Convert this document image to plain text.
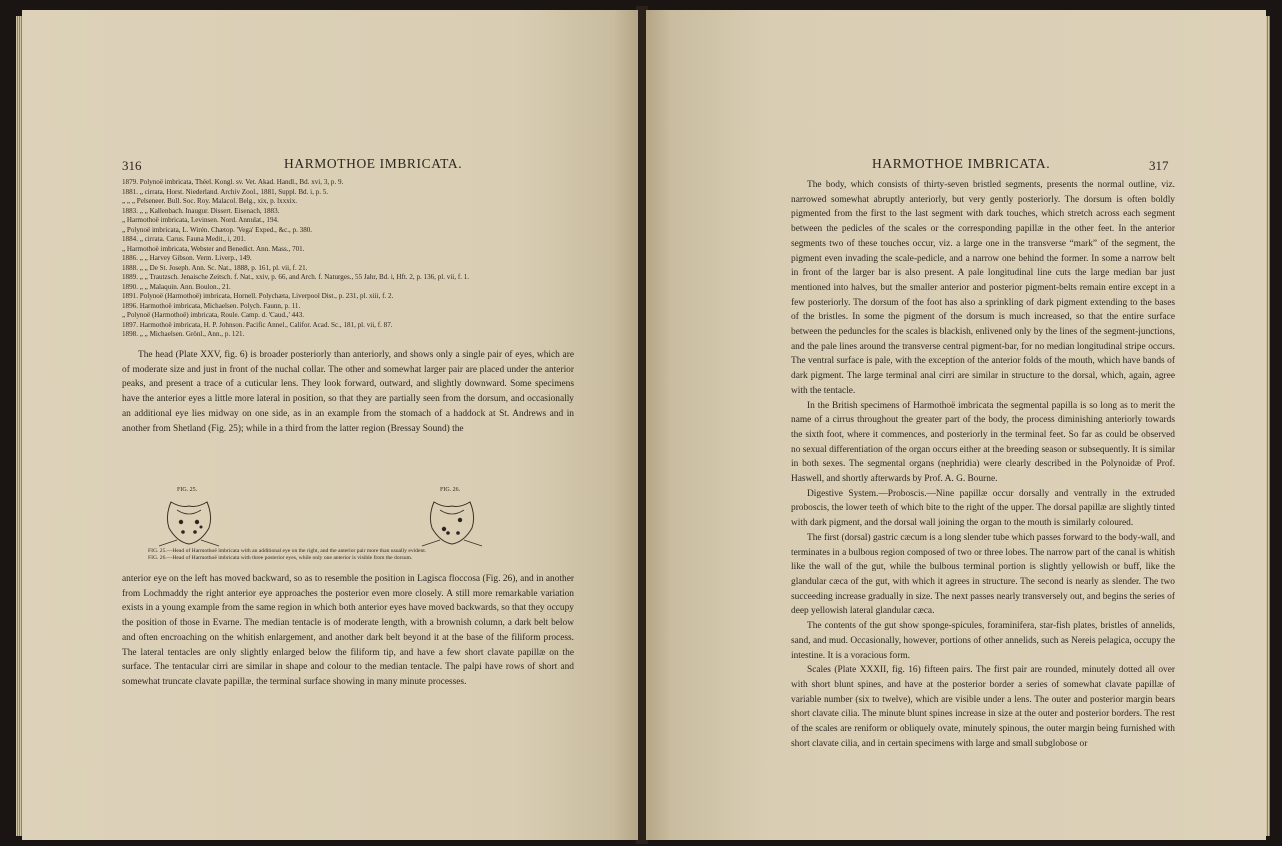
316	HARMOTHOE IMBRICATA.
1879. Polynoë imbricata, Théel. Kongl. sv. Vet. Akad. Handl., Bd. xvi, 3, p. 9.
1881. „ cirrata, Horst. Niederland. Archiv Zool., 1881, Suppl. Bd. i, p. 5.
„ „ „ Pelseneer. Bull. Soc. Roy. Malacol. Belg., xix, p. lxxxix.
1883. „ „ Kallenbach. Inaugur. Dissert. Eisenach, 1883.
„ Harmothoë imbricata, Levinsen. Nord. Annulat., 194.
„ Polynoë imbricata, L. Wirén. Chætop. 'Vega' Exped., &c., p. 380.
1884. „ cirrata. Carus. Fauna Medit., i, 201.
„ Harmothoë imbricata, Webster and Benedict. Ann. Mass., 701.
1886. „ „ Harvey Gibson. Verm. Liverp., 149.
1888. „ „ De St. Joseph. Ann. Sc. Nat., 1888, p. 161, pl. vii, f. 21.
1889. „ „ Trautzsch. Jenaische Zeitsch. f. Nat., xxiv, p. 66, and Arch. f. Naturges., 55 Jahr, Bd. i, Hft. 2, p. 136, pl. vii, f. 1.
1890. „ „ Malaquin. Ann. Boulon., 21.
1891. Polynoë (Harmothoë) imbricata, Hornell. Polychæta, Liverpool Dist., p. 231, pl. xiii, f. 2.
1896. Harmothoë imbricata, Michaelsen. Polych. Faunn, p. 11.
„ Polynoë (Harmothoë) imbricata, Roule. Camp. d. 'Caud.,' 443.
1897. Harmothoë imbricata, H. P. Johnson. Pacific Annel., Califor. Acad. Sc., 181, pl. vii, f. 87.
1898. „ „ Michaelsen. Grönl., Ann., p. 121.

The head (Plate XXV, fig. 6) is broader posteriorly than anteriorly, and shows only a single pair of eyes, which are of moderate size and just in front of the nuchal collar. The other and somewhat larger pair are placed under the anterior peaks, and present a trace of a cuticular lens. They look forward, outward, and slightly downward. Some specimens have the anterior eyes a little more lateral in position, so that they are partially seen from the dorsum, and occasionally an additional eye lies midway on one side, as in an example from the stomach of a haddock at St. Andrews and in another from Shetland (Fig. 25); while in a third from the latter region (Bressay Sound) the

FIG. 25.	FIG. 26.

FIG. 25.—Head of Harmothoë imbricata with an additional eye on the right, and the anterior pair more than usually evident.

FIG. 26.—Head of Harmothoë imbricata with three posterior eyes, while only one anterior is visible from the dorsum.

anterior eye on the left has moved backward, so as to resemble the position in Lagisca floccosa (Fig. 26), and in another from Lochmaddy the right anterior eye approaches the posterior even more closely. A still more remarkable variation exists in a young example from the same region in which both anterior eyes have moved backwards, so that they occupy the position of those in Evarne. The median tentacle is of moderate length, with a brownish column, a dark belt below and often encroaching on the whitish enlargement, and another dark belt beyond it at the base of the filiform process. The lateral tentacles are only slightly enlarged below the filiform tip, and have a few short clavate papillæ on the surface. The tentacular cirri are similar in shape and colour to the median tentacle. The palpi have rows of short and somewhat truncate clavate papillæ, the terminal surface showing in many minute processes.

HARMOTHOE IMBRICATA.	317

The body, which consists of thirty-seven bristled segments, presents the normal outline, viz. narrowed somewhat abruptly anteriorly, but very gently posteriorly. The dorsum is often boldly pigmented from the first to the last segment with dark touches, which stretch across each segment between the pedicles of the scales or the corresponding papillæ in the other feet. In the anterior segments two of these touches occur, viz. a large one in the transverse “mark” of the segment, the pigment even invading the scale-pedicle, and a narrow one behind the former. In some a narrow belt in front of the larger bar is also present. A pale longitudinal line cuts the large median bar just mentioned into halves, but the smaller anterior and posterior pigment-belts remain entire except in a few posteriorly. The dorsum of the foot has also a sprinkling of dark pigment extending to the bases of the bristles. In some the pigment of the dorsum is much increased, so that the entire surface between the peduncles for the scales is blackish, enlivened only by the lines of the segment-junctions, and the pale lines around the transverse central pigment-bar, for no median longitudinal stripe occurs. The ventral surface is pale, with the exception of the anterior folds of the mouth, which have bands of dark pigment. The large terminal anal cirri are similar in structure to the dorsal, which, again, agree with the tentacle.

In the British specimens of Harmothoë imbricata the segmental papilla is so long as to merit the name of a cirrus throughout the greater part of the body, the process diminishing anteriorly towards the sixth foot, where it commences, and posteriorly in the terminal feet. So far as could be observed no sexual differentiation of the organ occurs either at the breeding season or subsequently. It is similar in both sexes. The segmental organs (nephridia) were clearly described in the Polynoidæ of Prof. Haswell, and shortly afterwards by Prof. A. G. Bourne.

Digestive System.—Proboscis.—Nine papillæ occur dorsally and ventrally in the extruded proboscis, the lower teeth of which bite to the right of the upper. The dorsal papillæ are slightly tinted with dark pigment, and the dorsal wall joining the organ to the mouth is similarly coloured.

The first (dorsal) gastric cæcum is a long slender tube which passes forward to the body-wall, and terminates in a bulbous region composed of two or three lobes. The narrow part of the canal is whitish like the wall of the gut, while the bulbous terminal portion is slightly yellowish or buff, like the glandular cæca of the gut, with which it agrees in structure. The second is nearly as slender. The two succeeding increase gradually in size. The next passes nearly transversely out, and begins the series of deep yellowish lateral glandular cæca.

The contents of the gut show sponge-spicules, foraminifera, star-fish plates, bristles of annelids, sand, and mud. Occasionally, however, portions of other annelids, such as Nereis pelagica, occupy the intestine. It is a voracious form.

Scales (Plate XXXII, fig. 16) fifteen pairs. The first pair are rounded, minutely dotted all over with short blunt spines, and have at the posterior border a series of somewhat clavate papillæ of variable number (six to twelve), which are visible under a lens. The outer and posterior margin bears short clavate cilia. The minute blunt spines increase in size at the outer and posterior borders. The rest of the scales are reniform or obliquely ovate, minutely spinous, the outer margin being furnished with short clavate cilia, and in certain specimens with large and small subglobose or
